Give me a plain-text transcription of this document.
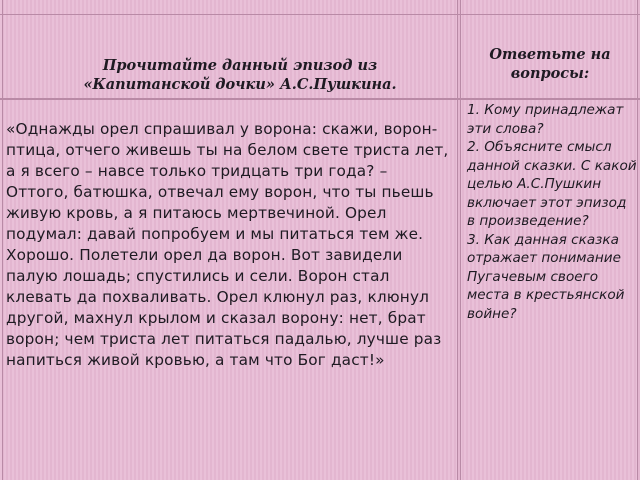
Прочитайте данный эпизод из
«Капитанской дочки» А.С.Пушкина.
Ответьте на
вопросы:
«Однажды орел спрашивал у ворона: скажи, ворон-птица, отчего живешь ты на белом свете триста лет, а я всего – навсе только тридцать три года? – Оттого, батюшка, отвечал ему ворон, что ты пьешь живую кровь, а я питаюсь мертвечиной. Орел подумал: давай попробуем и мы питаться тем же. Хорошо. Полетели орел да ворон. Вот завидели палую лошадь; спустились и сели. Ворон стал клевать да похваливать. Орел клюнул раз, клюнул другой, махнул крылом и сказал ворону: нет, брат ворон; чем триста лет питаться падалью, лучше раз напиться живой кровью, а там что Бог даст!»
1. Кому принадлежат эти слова?
2. Объясните смысл данной сказки. С какой целью А.С.Пушкин включает этот эпизод в произведение?
3. Как данная сказка отражает понимание Пугачевым своего места в крестьянской войне?
